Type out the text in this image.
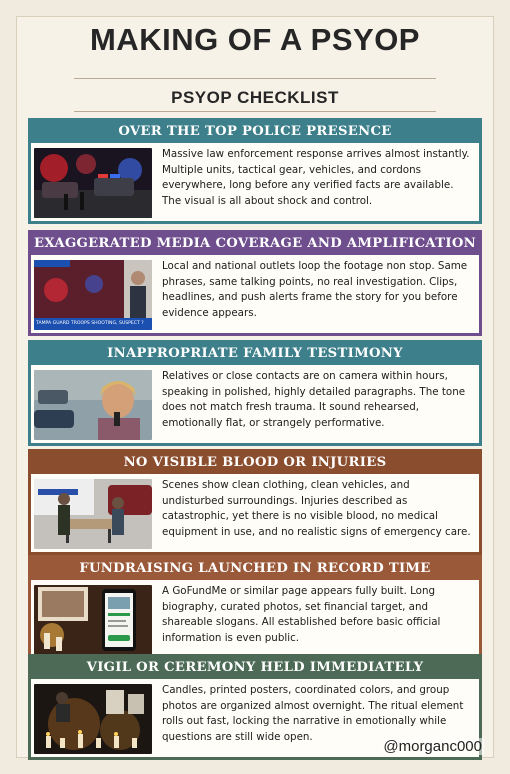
MAKING OF A PSYOP
PSYOP CHECKLIST
OVER THE TOP POLICE PRESENCE
Massive law enforcement response arrives almost instantly. Multiple units, tactical gear, vehicles, and cordons everywhere, long before any verified facts are available. The visual is all about shock and control.
EXAGGERATED MEDIA COVERAGE AND AMPLIFICATION
TAMPA GUARD TROOPS SHOOTING, SUSPECT ?
Local and national outlets loop the footage non stop. Same phrases, same talking points, no real investigation. Clips, headlines, and push alerts frame the story for you before evidence appears.
INAPPROPRIATE FAMILY TESTIMONY
Relatives or close contacts are on camera within hours, speaking in polished, highly detailed paragraphs. The tone does not match fresh trauma. It sound rehearsed, emotionally flat, or strangely performative.
NO VISIBLE BLOOD OR INJURIES
Scenes show clean clothing, clean vehicles, and undisturbed surroundings. Injuries described as catastrophic, yet there is no visible blood, no medical equipment in use, and no realistic signs of emergency care.
FUNDRAISING LAUNCHED IN RECORD TIME
A GoFundMe or similar page appears fully built. Long biography, curated photos, set financial target, and shareable slogans. All established before basic official information is even public.
VIGIL OR CEREMONY HELD IMMEDIATELY
Candles, printed posters, coordinated colors, and group photos are organized almost overnight. The ritual element rolls out fast, locking the narrative in emotionally while questions are still wide open.
@morganc000
